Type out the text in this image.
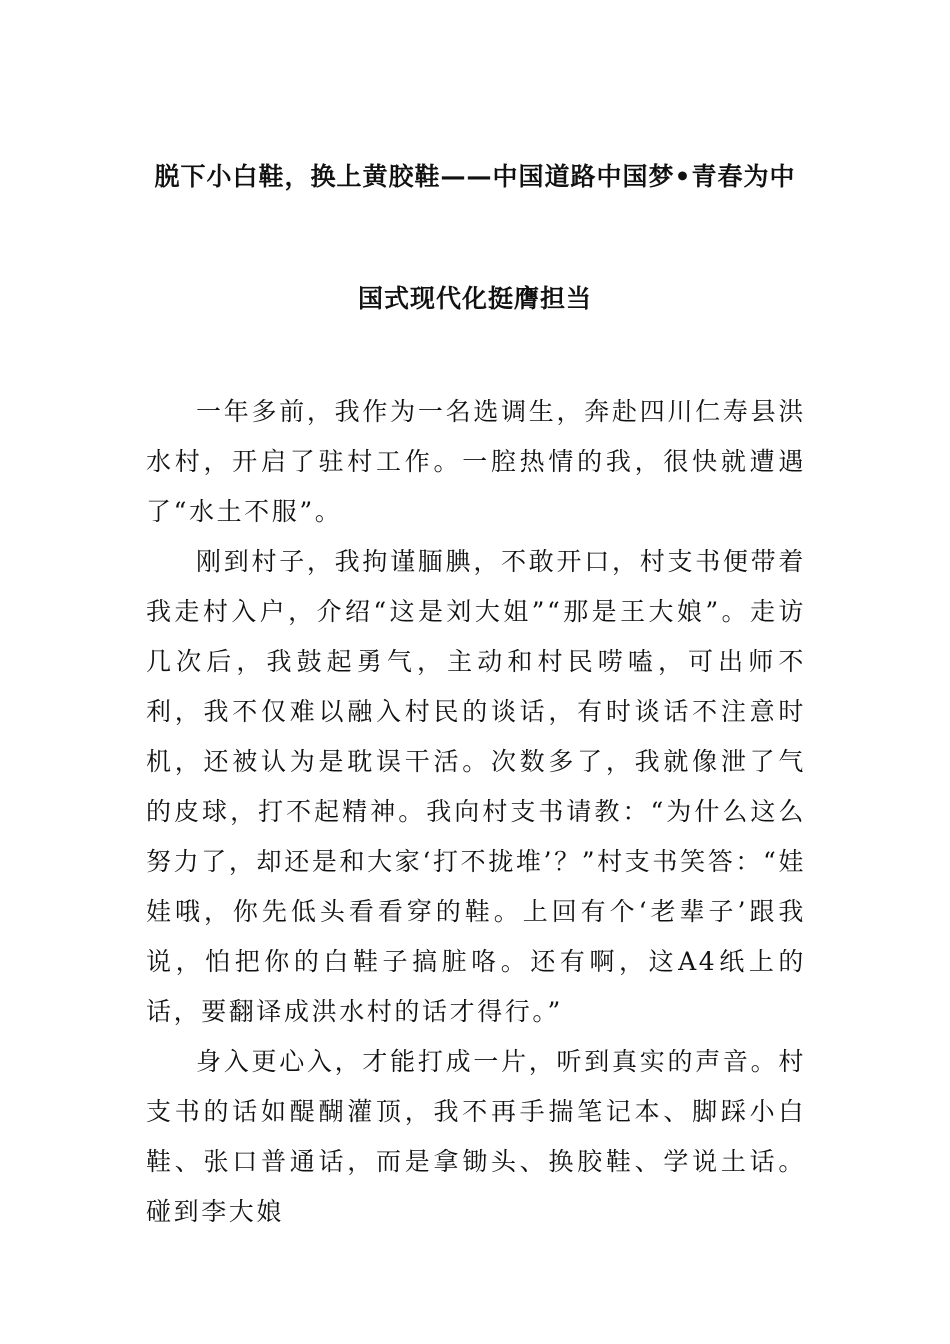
脱下小白鞋，换上黄胶鞋——中国道路中国梦•青春为中
国式现代化挺膺担当

一年多前，我作为一名选调生，奔赴四川仁寿县洪水村，开启了驻村工作。一腔热情的我，很快就遭遇了“水土不服”。

刚到村子，我拘谨腼腆，不敢开口，村支书便带着我走村入户，介绍“这是刘大姐”“那是王大娘”。走访几次后，我鼓起勇气，主动和村民唠嗑，可出师不利，我不仅难以融入村民的谈话，有时谈话不注意时机，还被认为是耽误干活。次数多了，我就像泄了气的皮球，打不起精神。我向村支书请教：“为什么这么努力了，却还是和大家‘打不拢堆’？”村支书笑答：“娃娃哦，你先低头看看穿的鞋。上回有个‘老辈子’跟我说，怕把你的白鞋子搞脏咯。还有啊，这A4纸上的话，要翻译成洪水村的话才得行。”

身入更心入，才能打成一片，听到真实的声音。村支书的话如醍醐灌顶，我不再手揣笔记本、脚踩小白鞋、张口普通话，而是拿锄头、换胶鞋、学说土话。碰到李大娘
